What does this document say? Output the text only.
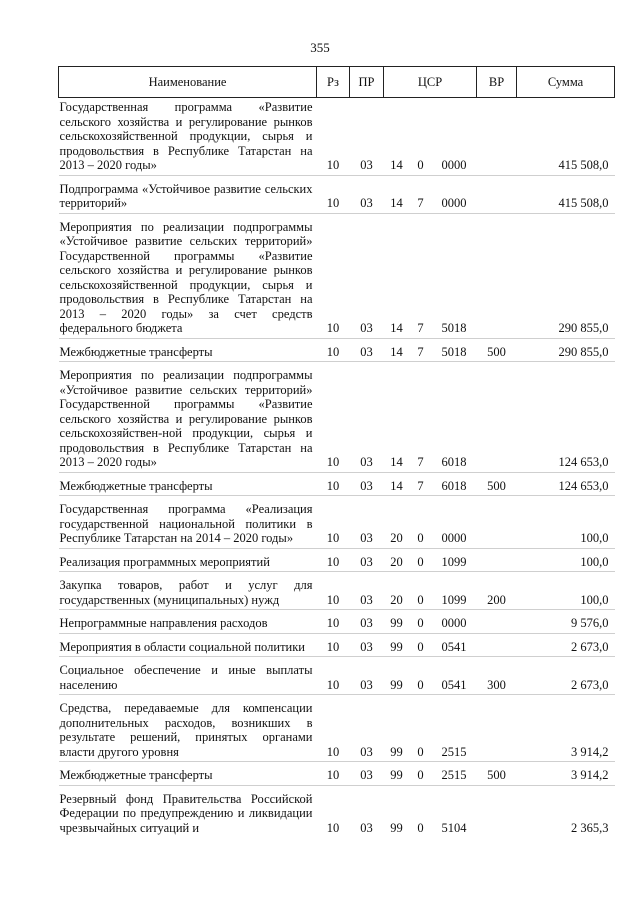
355
Наименование	Рз	ПР	ЦСР			ВР	Сумма
Государственная программа «Развитие сельского хозяйства и регулирование рынков сельскохозяйственной продукции, сырья и продовольствия в Республике Татарстан на 2013 – 2020 годы»	10	03	14	0	0000		415 508,0
Подпрограмма «Устойчивое развитие сельских территорий»	10	03	14	7	0000		415 508,0
Мероприятия по реализации подпрограммы «Устойчивое развитие сельских территорий» Государственной программы «Развитие сельского хозяйства и регулирование рынков сельскохозяйственной продукции, сырья и продовольствия в Республике Татарстан на 2013 – 2020 годы» за счет средств федерального бюджета	10	03	14	7	5018		290 855,0
Межбюджетные трансферты	10	03	14	7	5018	500	290 855,0
Мероприятия по реализации подпрограммы «Устойчивое развитие сельских территорий» Государственной программы «Развитие сельского хозяйства и регулирование рынков сельскохозяйствен-ной продукции, сырья и продовольствия в Республике Татарстан на 2013 – 2020 годы»	10	03	14	7	6018		124 653,0
Межбюджетные трансферты	10	03	14	7	6018	500	124 653,0
Государственная программа «Реализация государственной национальной политики в Республике Татарстан на 2014 – 2020 годы»	10	03	20	0	0000		100,0
Реализация программных мероприятий	10	03	20	0	1099		100,0
Закупка товаров, работ и услуг для государственных (муниципальных) нужд	10	03	20	0	1099	200	100,0
Непрограммные направления расходов	10	03	99	0	0000		9 576,0
Мероприятия в области социальной политики	10	03	99	0	0541		2 673,0
Социальное обеспечение и иные выплаты населению	10	03	99	0	0541	300	2 673,0
Средства, передаваемые для компенсации дополнительных расходов, возникших в результате решений, принятых органами власти другого уровня	10	03	99	0	2515		3 914,2
Межбюджетные трансферты	10	03	99	0	2515	500	3 914,2
Резервный фонд Правительства Российской Федерации по предупреждению и ликвидации чрезвычайных ситуаций и	10	03	99	0	5104		2 365,3
